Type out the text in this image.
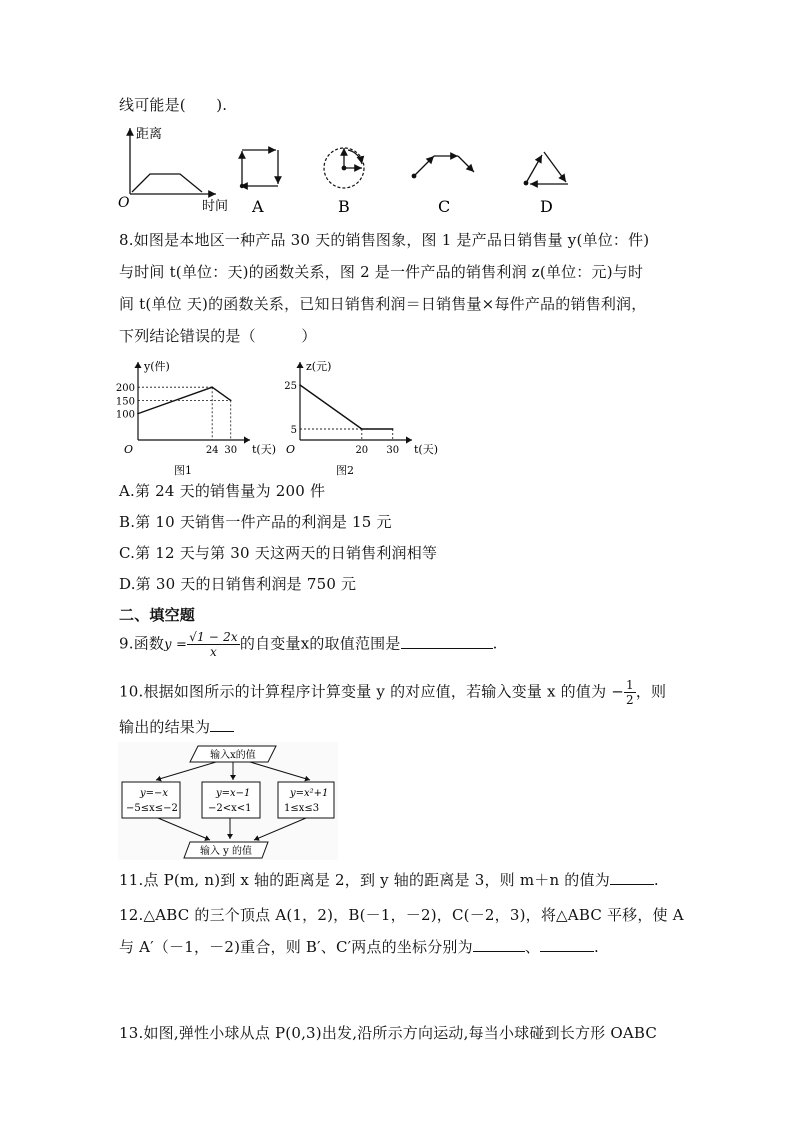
线可能是(　　).
距离
时间
O	A	B	C	D
8.如图是本地区一种产品 30 天的销售图象，图 1 是产品日销售量 y(单位：件)
与时间 t(单位：天)的函数关系，图 2 是一件产品的销售利润 z(单位：元)与时
间 t(单位 天)的函数关系，已知日销售利润＝日销售量×每件产品的销售利润，
下列结论错误的是（　　　）
100
150
200
24 30
O
y(件)
t(天)
图1
5
25
20 30
O
z(元)
t(天)
图2
A.第 24 天的销售量为 200 件
B.第 10 天销售一件产品的利润是 15 元
C.第 12 天与第 30 天这两天的日销售利润相等
D.第 30 天的日销售利润是 750 元
二、填空题
9.函数$y = \frac{√1 - 2x}{x}$ 的自变量x的取值范围是	.
10.根据如图所示的计算程序计算变量 y 的对应值，若输入变量 x 的值为 − $\frac{1}{2}$ ，则
输出的结果为
输入x的值
y=−x
−5≤x≤−2
y=x−1
−2<x<1
y=x²+1
1≤x≤3
输入 y 的值
11.点 P(m, n)到 x 轴的距离是 2，到 y 轴的距离是 3，则 m＋n 的值为	.
12.△ABC 的三个顶点 A(1，2)，B(－1，－2)，C(－2，3)，将△ABC 平移，使 A
与 A′（－1，－2)重合，则 B′、C′两点的坐标分别为	、	.
13.如图,弹性小球从点 P(0,3)出发,沿所示方向运动,每当小球碰到长方形 OABC
